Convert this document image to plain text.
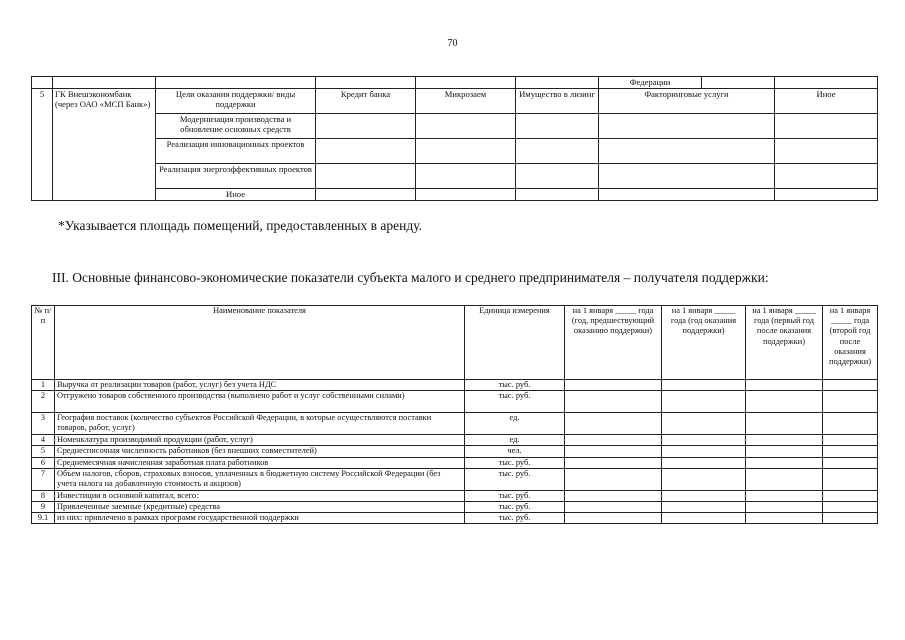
70
						Федерации		
5	ГК Внешэкономбанк (через ОАО «МСП Банк»)	Цели оказания поддержки/ виды поддержки	Кредит банка	Микрозаем	Имущество в лизинг	Факторинговые услуги		Иное
		Модернизация производства и обновление основных средств						
		Реализация инновационных проектов						
		Реализация энергоэффективных проектов						
		Иное						
*Указывается площадь помещений, предоставленных в аренду.
III. Основные финансово-экономические показатели субъекта малого и среднего предпринимателя – получателя поддержки:
№ п/п	Наименование показателя	Единица измерения	на 1 января _____ года (год, предшествующий оказанию поддержки)	на 1 января _____ года (год оказания поддержки)	на 1 января _____ года (первый год после оказания поддержки)	на 1 января _____ года (второй год после оказания поддержки)
1	Выручка от реализации товаров (работ, услуг) без учета НДС	тыс. руб.				
2	Отгружено товаров собственного производства (выполнено работ и услуг собственными силами)	тыс. руб.				
3	География поставок (количество субъектов Российской Федерации, в которые осуществляются поставки товаров, работ, услуг)	ед.				
4	Номенклатура производимой продукции (работ, услуг)	ед.				
5	Среднесписочная численность работников (без внешних совместителей)	чел.				
6	Среднемесячная начисленная заработная плата работников	тыс. руб.				
7	Объем налогов, сборов, страховых взносов, уплаченных в бюджетную систему Российской Федерации (без учета налога на добавленную стоимость и акцизов)	тыс. руб.				
8	Инвестиции в основной капитал, всего:	тыс. руб.				
9	Привлеченные заемные (кредитные) средства	тыс. руб.				
9.1	из них: привлечено в рамках программ государственной поддержки	тыс. руб.				
